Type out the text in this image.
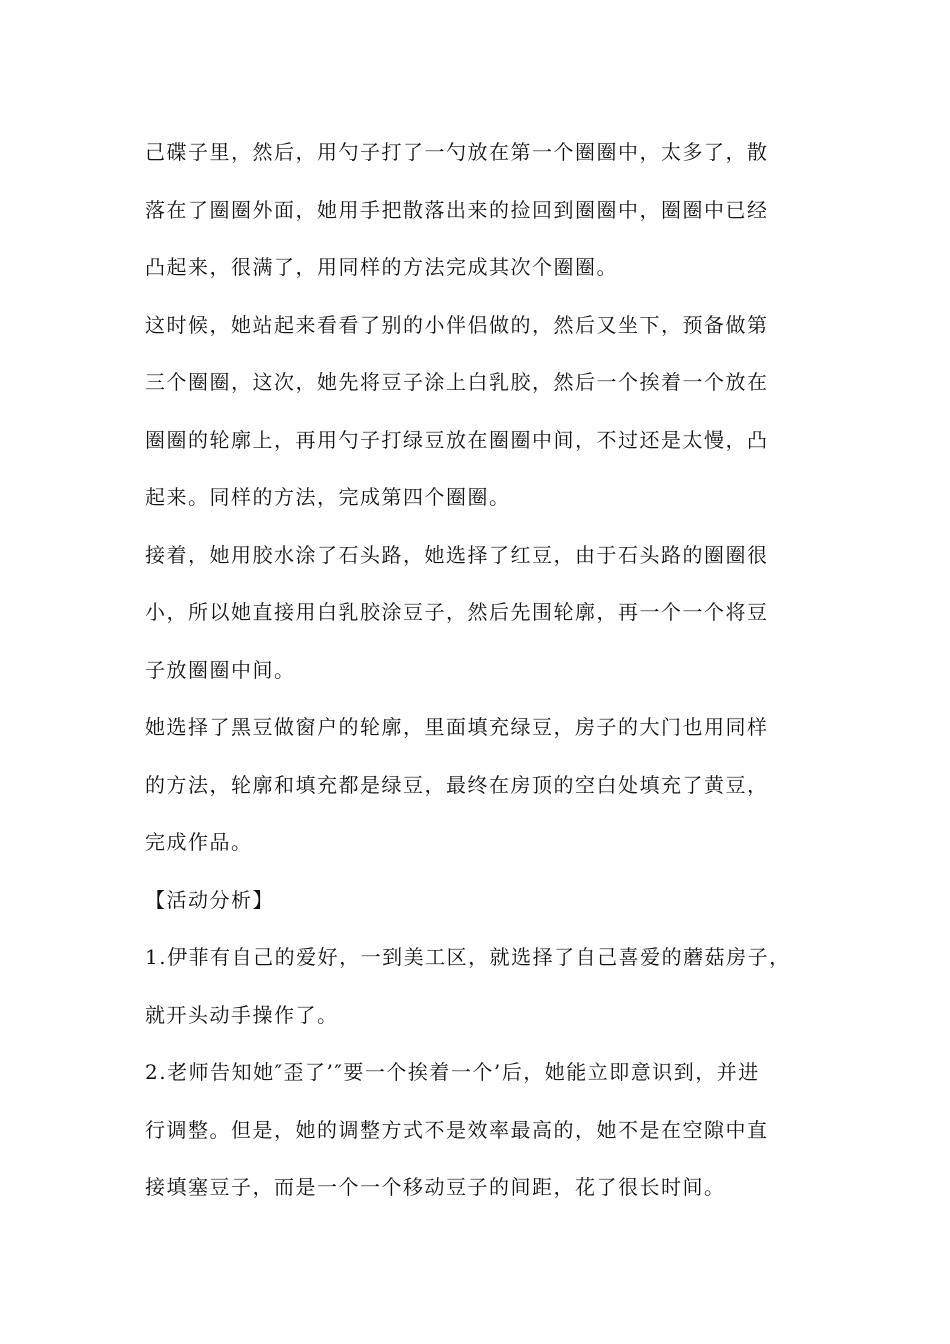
己碟子里，然后，用勺子打了一勺放在第一个圈圈中，太多了，散
落在了圈圈外面，她用手把散落出来的捡回到圈圈中，圈圈中已经
凸起来，很满了，用同样的方法完成其次个圈圈。

这时候，她站起来看看了别的小伴侣做的，然后又坐下，预备做第
三个圈圈，这次，她先将豆子涂上白乳胶，然后一个挨着一个放在
圈圈的轮廓上，再用勺子打绿豆放在圈圈中间，不过还是太慢，凸
起来。同样的方法，完成第四个圈圈。

接着，她用胶水涂了石头路，她选择了红豆，由于石头路的圈圈很
小，所以她直接用白乳胶涂豆子，然后先围轮廓，再一个一个将豆
子放圈圈中间。

她选择了黑豆做窗户的轮廓，里面填充绿豆，房子的大门也用同样
的方法，轮廓和填充都是绿豆，最终在房顶的空白处填充了黄豆，
完成作品。

【活动分析】

1.伊菲有自己的爱好，一到美工区，就选择了自己喜爱的蘑菇房子，
就开头动手操作了。

2.老师告知她″歪了’″要一个挨着一个’后，她能立即意识到，并进
行调整。但是，她的调整方式不是效率最高的，她不是在空隙中直
接填塞豆子，而是一个一个移动豆子的间距，花了很长时间。
